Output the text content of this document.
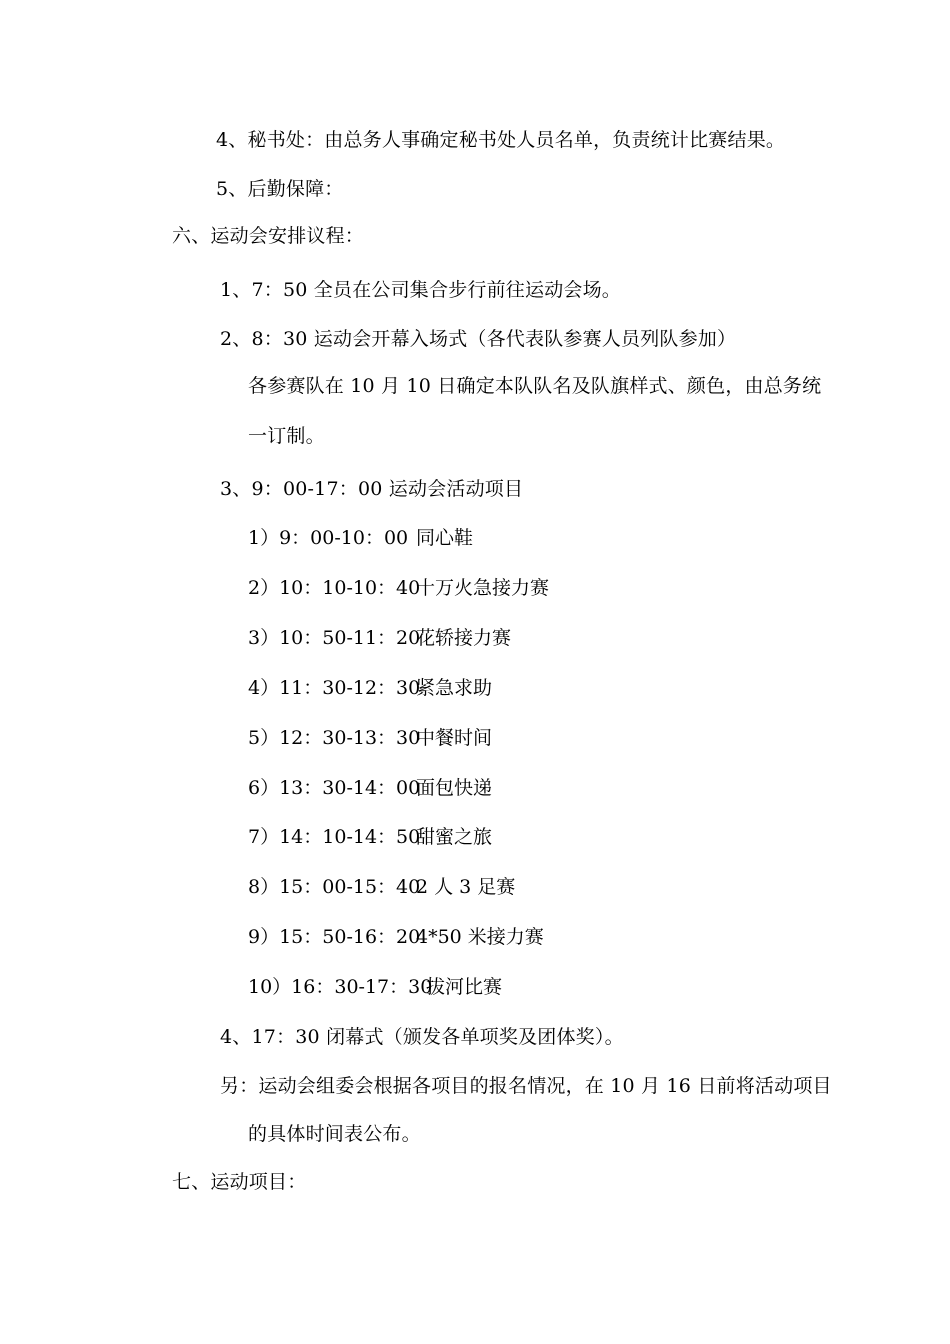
4、秘书处：由总务人事确定秘书处人员名单，负责统计比赛结果。
5、后勤保障：
六、运动会安排议程：
1、7：50 全员在公司集合步行前往运动会场。
2、8：30 运动会开幕入场式（各代表队参赛人员列队参加）
各参赛队在 10 月 10 日确定本队队名及队旗样式、颜色，由总务统
一订制。
3、9：00-17：00 运动会活动项目
1）9：00-10：00 同心鞋
2）10：10-10：40十万火急接力赛
3）10：50-11：20花轿接力赛
4）11：30-12：30紧急求助
5）12：30-13：30中餐时间
6）13：30-14：00面包快递
7）14：10-14：50甜蜜之旅
8）15：00-15：402 人 3 足赛
9）15：50-16：204*50 米接力赛
10）16：30-17：30拔河比赛
4、17：30 闭幕式（颁发各单项奖及团体奖）。
另：运动会组委会根据各项目的报名情况，在 10 月 16 日前将活动项目
的具体时间表公布。
七、运动项目：
